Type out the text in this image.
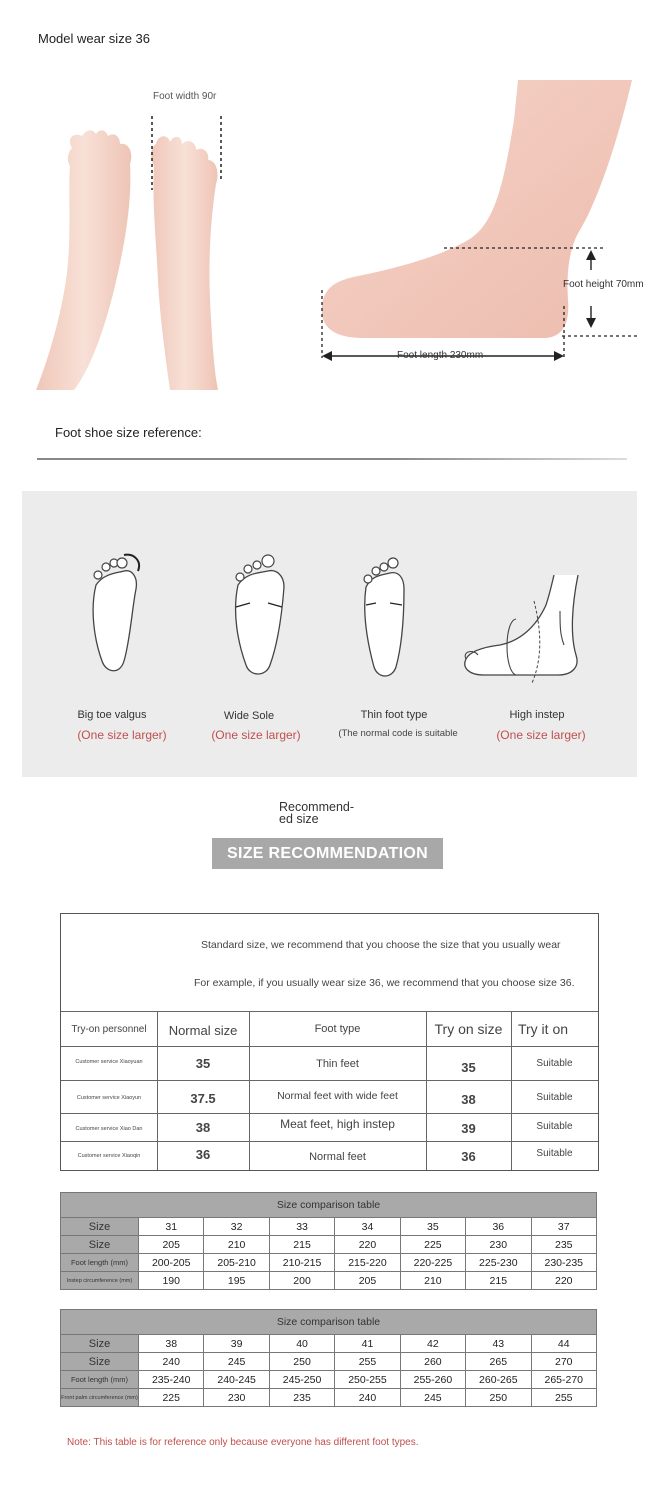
Model wear size 36
Foot width 90r
Foot height 70mm
Foot length 230mm
Foot shoe size reference:
Big toe valgus	Wide Sole	Thin foot type	High instep
(One size larger)	(One size larger)	(The normal code is suitable	(One size larger)
Recommend-
ed size
SIZE RECOMMENDATION
Standard size, we recommend that you choose the size that you usually wear
For example, if you usually wear size 36, we recommend that you choose size 36.
Try-on personnel	Normal size	Foot type	Try on size	Try it on
Customer service Xiaoyuan	35	Thin feet	35	Suitable
Customer service Xiaoyun	37.5	Normal feet with wide feet	38	Suitable
Customer service Xiao Dan	38	Meat feet, high instep	39	Suitable
Customer service Xiaoqin	36	Normal feet	36	Suitable
Size comparison table							
Size	31	32	33	34	35	36	37
Size	205	210	215	220	225	230	235
Foot length (mm)	200-205	205-210	210-215	215-220	220-225	225-230	230-235
Instep circumference (mm)	190	195	200	205	210	215	220
Size comparison table							
Size	38	39	40	41	42	43	44
Size	240	245	250	255	260	265	270
Foot length (mm)	235-240	240-245	245-250	250-255	255-260	260-265	265-270
Front palm circumference (mm)	225	230	235	240	245	250	255
Note: This table is for reference only because everyone has different foot types.
